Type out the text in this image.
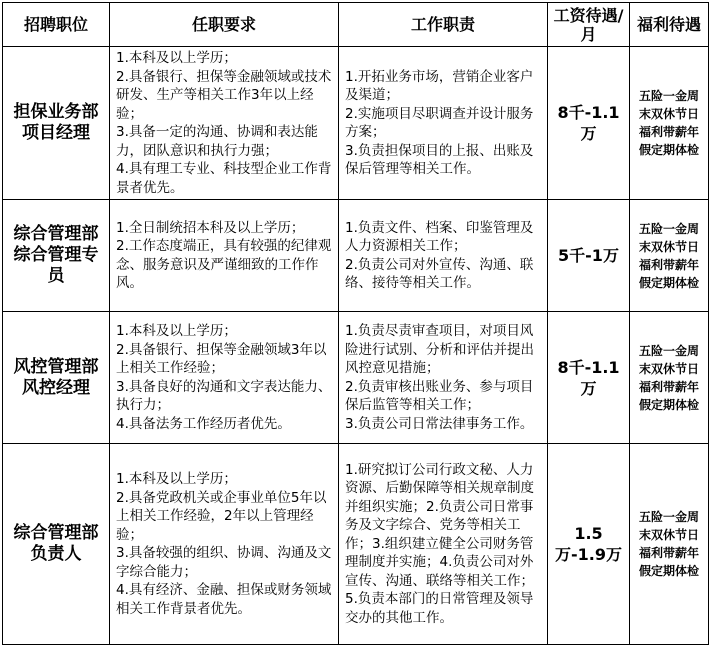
招聘职位	任职要求	工作职责	工资待遇/月	福利待遇
担保业务部项目经理	1.本科及以上学历；
2.具备银行、担保等金融领域或技术研发、生产等相关工作3年以上经验；
3.具备一定的沟通、协调和表达能力，团队意识和执行力强；
4.具有理工专业、科技型企业工作背景者优先。	1.开拓业务市场，营销企业客户及渠道；
2.实施项目尽职调查并设计服务方案；
3.负责担保项目的上报、出账及保后管理等相关工作。	8千-1.1万	五险一金周末双休节日福利带薪年假定期体检
综合管理部综合管理专员	1.全日制统招本科及以上学历；
2.工作态度端正，具有较强的纪律观念、服务意识及严谨细致的工作作风。	1.负责文件、档案、印鉴管理及人力资源相关工作；
2.负责公司对外宣传、沟通、联络、接待等相关工作。	5千-1万	五险一金周末双休节日福利带薪年假定期体检
风控管理部风控经理	1.本科及以上学历；
2.具备银行、担保等金融领域3年以上相关工作经验；
3.具备良好的沟通和文字表达能力、执行力；
4.具备法务工作经历者优先。	1.负责尽责审查项目，对项目风险进行试别、分析和评估并提出风控意见措施；
2.负责审核出账业务、参与项目保后监管等相关工作；
3.负责公司日常法律事务工作。	8千-1.1万	五险一金周末双休节日福利带薪年假定期体检
综合管理部负责人	1.本科及以上学历；
2.具备党政机关或企事业单位5年以上相关工作经验，2年以上管理经验；
3.具备较强的组织、协调、沟通及文字综合能力；
4.具有经济、金融、担保或财务领域相关工作背景者优先。	1.研究拟订公司行政文秘、人力资源、后勤保障等相关规章制度并组织实施；2.负责公司日常事务及文字综合、党务等相关工作；3.组织建立健全公司财务管理制度并实施；4.负责公司对外宣传、沟通、联络等相关工作；5.负责本部门的日常管理及领导交办的其他工作。	1.5万-1.9万	五险一金周末双休节日福利带薪年假定期体检
